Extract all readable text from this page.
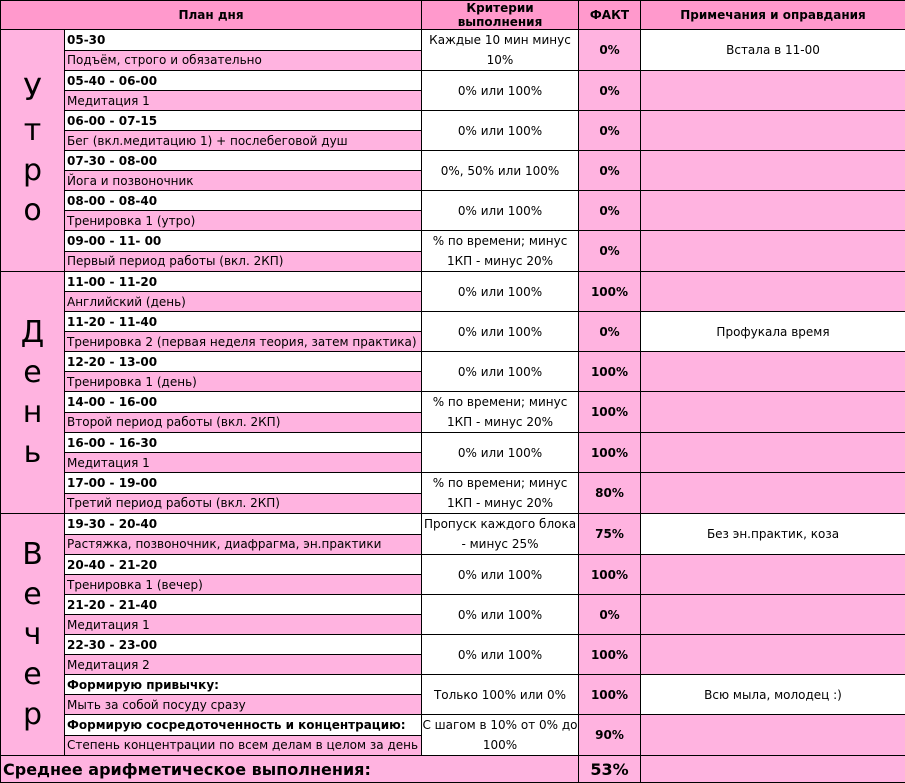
План дня		Критерии выполнения	ФАКТ	Примечания и оправдания

У
т
р
о	05-30	Каждые 10 мин минус 10%	0%	Встала в 11-00
	Подъём, строго и обязательно			
	05-40 - 06-00	0% или 100%	0%	
	Медитация 1			
	06-00 - 07-15	0% или 100%	0%	
	Бег (вкл.медитацию 1) + послебеговой душ			
	07-30 - 08-00	0%, 50% или 100%	0%	
	Йога и позвоночник			
	08-00 - 08-40	0% или 100%	0%	
	Тренировка 1 (утро)			
	09-00 - 11- 00	% по времени; минус 1КП - минус 20%	0%	
	Первый период работы (вкл. 2КП)			

Д
е
н
ь	11-00 - 11-20	0% или 100%	100%	
	Английский (день)			
	11-20 - 11-40	0% или 100%	0%	Профукала время
	Тренировка 2 (первая неделя теория, затем практика)			
	12-20 - 13-00	0% или 100%	100%	
	Тренировка 1 (день)			
	14-00 - 16-00	% по времени; минус 1КП - минус 20%	100%	
	Второй период работы (вкл. 2КП)			
	16-00 - 16-30	0% или 100%	100%	
	Медитация 1			
	17-00 - 19-00	% по времени; минус 1КП - минус 20%	80%	
	Третий период работы (вкл. 2КП)			

В
е
ч
е
р	19-30 - 20-40	Пропуск каждого блока - минус 25%	75%	Без эн.практик, коза
	Растяжка, позвоночник, диафрагма, эн.практики			
	20-40 - 21-20	0% или 100%	100%	
	Тренировка 1 (вечер)			
	21-20 - 21-40	0% или 100%	0%	
	Медитация 1			
	22-30 - 23-00	0% или 100%	100%	
	Медитация 2			
	Формирую привычку:	Только 100% или 0%	100%	Всю мыла, молодец :)
	Мыть за собой посуду сразу			
	Формирую сосредоточенность и концентрацию:	С шагом в 10% от 0% до 100%	90%	
	Степень концентрации по всем делам в целом за день			
Среднее арифметическое выполнения:			53%	
